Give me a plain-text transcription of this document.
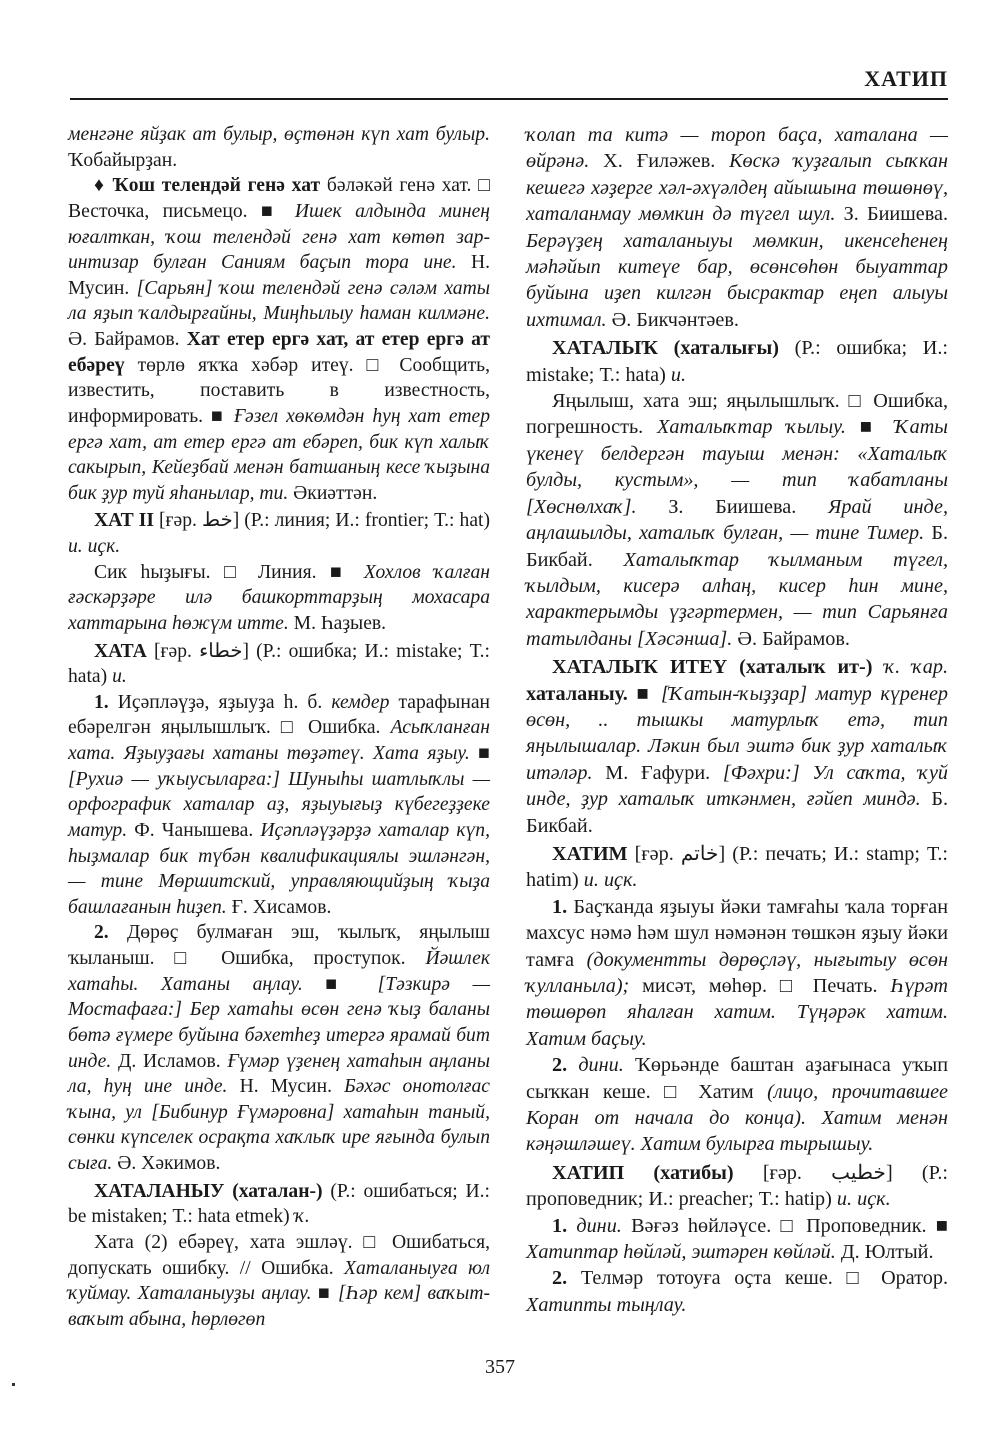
ХАТИП

менгәне яйҙак ат булыр, өҫтөнән күп хат булыр. Ҡобайырҙан.

♦ Ҡош телендәй генә хат бәләкәй генә хат. □ Весточка, письмецо. ■ Ишек алдында минең юғалткан, ҡош телендәй генә хат көтөп зар-интизар булған Саниям баҫып тора ине. Н. Мусин. [Сарьян] ҡош телендәй генә сәләм хаты ла яҙып ҡалдырғайны, Миңһылыу һаман килмәне. Ә. Байрамов. Хат етер ергә хат, ат етер ергә ат ебәреү төрлө яҡҡа хәбәр итеү. □ Сообщить, известить, поставить в известность, информировать. ■ Ғәзел хөкөмдән һуң хат етер ергә хат, ат етер ергә ат ебәреп, бик күп халыҡ сакырып, Кейеҙбай менән батшаның кесе ҡыҙына бик ҙур туй яһанылар, ти. Әкиәттән.

ХАТ II [ғәр. خط] (Р.: линия; И.: frontier; Т.: hat) и. иҫк.

Сик һыҙығы. □ Линия. ■ Хохлов ҡалған ғәскәрҙәре илә башкорттарҙың мохасара хаттарына һөжүм итте. М. Һаҙыев.

ХАТА [ғәр. خطاء] (Р.: ошибка; И.: mistake; Т.: hata) и.

1. Иҫәпләүҙә, яҙыуҙа һ. б. кемдер тарафынан ебәрелгән яңылышлыҡ. □ Ошибка. Асыҡланған хата. Яҙыуҙағы хатаны төҙәтеү. Хата яҙыу. ■ [Рухиә — уҡыусыларға:] Шуныһы шатлыҡлы — орфографик хаталар аҙ, яҙыуығыҙ күбегеҙҙеке матур. Ф. Чанышева. Иҫәпләүҙәрҙә хаталар күп, һыҙмалар бик түбән квалификациялы эшләнгән, — тине Мөршитский, управляющийҙың ҡыҙа башлағанын һиҙеп. Ғ. Хисамов.

2. Дөрөҫ булмаған эш, ҡылыҡ, яңылыш ҡыланыш. □ Ошибка, проступок. Йәшлек хатаһы. Хатаны аңлау. ■ [Тәзкирә — Мостафаға:] Бер хатаһы өсөн генә ҡыҙ баланы бөтә ғүмере буйына бәхетһеҙ итергә ярамай бит инде. Д. Исламов. Ғүмәр үҙенең хатаһын аңланы ла, һуң ине инде. Н. Мусин. Бәхәс онотолғас ҡына, ул [Бибинур Ғүмәровна] хатаһын таный, сөнки күпселек осрақта хаҡлыҡ ире яғында булып сыға. Ә. Хәкимов.

ХАТАЛАНЫУ (хаталан-) (Р.: ошибаться; И.: be mistaken; Т.: hata etmek) ҡ.

Хата (2) ебәреү, хата эшләү. □ Ошибаться, допускать ошибку. // Ошибка. Хаталаныуға юл ҡуймау. Хаталаныуҙы аңлау. ■ [Һәр кем] ваҡыт-ваҡыт абына, һөрлөгөп

ҡолап та китә — тороп баҫа, хаталана — өйрәнә. Х. Ғиләжев. Көскә ҡуҙғалып сыҡкан кешегә хәҙерге хәл-әхүәлдең айышына төшөнөү, хаталанмау мөмкин дә түгел шул. З. Биишева. Берәүҙең хаталаныуы мөмкин, икенсеһенең мәһәйып китеүе бар, өсөнсөһөн быуаттар буйына иҙеп килгән бысрактар еңеп алыуы ихтимал. Ә. Бикчәнтәев.

ХАТАЛЫҠ (хаталығы) (Р.: ошибка; И.: mistake; Т.: hata) и.

Яңылыш, хата эш; яңылышлыҡ. □ Ошибка, погрешность. Хаталыҡтар ҡылыу. ■ Ҡаты үкенеү белдергән тауыш менән: «Хаталыҡ булды, кустым», — тип ҡабатланы [Хөснөлхаҡ]. З. Биишева. Ярай инде, аңлашылды, хаталыҡ булған, — тине Тимер. Б. Бикбай. Хаталыҡтар ҡылманым түгел, ҡылдым, кисерә алһаң, кисер һин мине, характерымды үҙгәртермен, — тип Сарьянға татылданы [Хәсәнша]. Ә. Байрамов.

ХАТАЛЫҠ ИТЕҮ (хаталыҡ ит-) ҡ. ҡар. хаталаныу. ■ [Ҡатын-ҡыҙҙар] матур күренер өсөн, .. тышкы матурлыҡ етә, тип яңылышалар. Ләкин был эштә бик ҙур хаталыҡ итәләр. М. Ғафури. [Фәхри:] Ул саҡта, ҡуй инде, ҙур хаталыҡ иткәнмен, ғәйеп миндә. Б. Бикбай.

ХАТИМ [ғәр. خاتم] (Р.: печать; И.: stamp; Т.: hatim) и. иҫк.

1. Баҫҡанда яҙыуы йәки тамғаһы ҡала торған махсус нәмә һәм шул нәмәнән төшкән яҙыу йәки тамға (документты дөрөҫләү, нығытыу өсөн ҡулланыла); мисәт, мөһөр. □ Печать. Һүрәт төшөрөп яһалған хатим. Түңәрәк хатим. Хатим баҫыу.

2. дини. Ҡөрьәнде баштан аҙағынаса уҡып сыҡкан кеше. □ Хатим (лицо, прочитавшее Коран от начала до конца). Хатим менән кәңәшләшеү. Хатим булырға тырышыу.

ХАТИП (хатибы) [ғәр. خطيب] (Р.: проповедник; И.: preacher; Т.: hatip) и. иҫк.

1. дини. Вәғәз һөйләүсе. □ Проповедник. ■ Хатиптар һөйләй, эштәрен көйләй. Д. Юлтый.

2. Телмәр тотоуға оҫта кеше. □ Оратор. Хатипты тыңлау.

357
